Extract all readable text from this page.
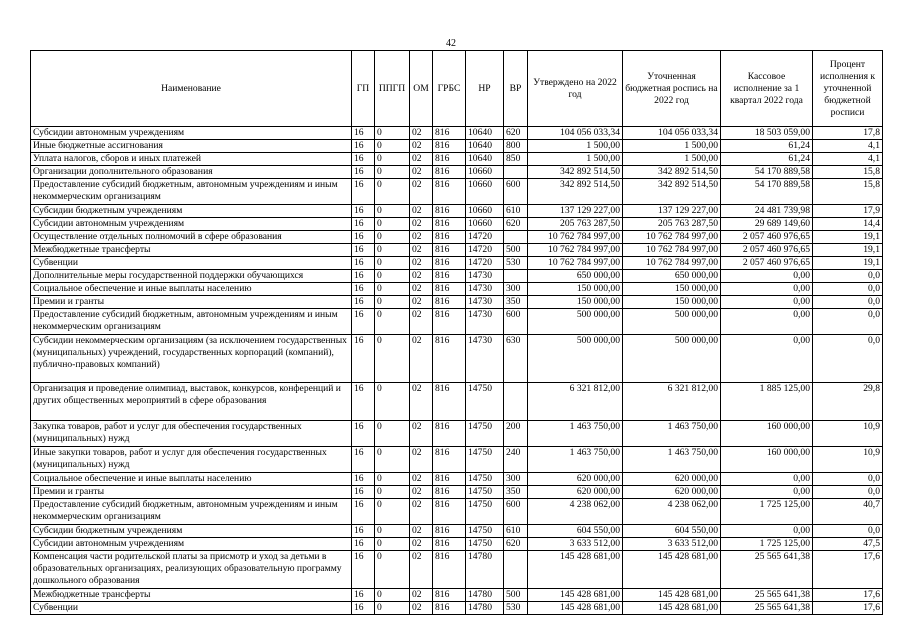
42
Наименование	ГП	ППГП	ОМ	ГРБС	НР	ВР	Утверждено на 2022 год	Уточненная бюджетная роспись на 2022 год	Кассовое исполнение за 1 квартал 2022 года	Процент исполнения к уточненной бюджетной росписи
Субсидии автономным учреждениям	16	0	02	816	10640	620	104 056 033,34	104 056 033,34	18 503 059,00	17,8
Иные бюджетные ассигнования	16	0	02	816	10640	800	1 500,00	1 500,00	61,24	4,1
Уплата налогов, сборов и иных платежей	16	0	02	816	10640	850	1 500,00	1 500,00	61,24	4,1
Организации дополнительного образования	16	0	02	816	10660		342 892 514,50	342 892 514,50	54 170 889,58	15,8
Предоставление субсидий бюджетным, автономным учреждениям и иным некоммерческим организациям	16	0	02	816	10660	600	342 892 514,50	342 892 514,50	54 170 889,58	15,8
Субсидии бюджетным учреждениям	16	0	02	816	10660	610	137 129 227,00	137 129 227,00	24 481 739,98	17,9
Субсидии автономным учреждениям	16	0	02	816	10660	620	205 763 287,50	205 763 287,50	29 689 149,60	14,4
Осуществление отдельных полномочий в сфере образования	16	0	02	816	14720		10 762 784 997,00	10 762 784 997,00	2 057 460 976,65	19,1
Межбюджетные трансферты	16	0	02	816	14720	500	10 762 784 997,00	10 762 784 997,00	2 057 460 976,65	19,1
Субвенции	16	0	02	816	14720	530	10 762 784 997,00	10 762 784 997,00	2 057 460 976,65	19,1
Дополнительные меры государственной поддержки обучающихся	16	0	02	816	14730		650 000,00	650 000,00	0,00	0,0
Социальное обеспечение и иные выплаты населению	16	0	02	816	14730	300	150 000,00	150 000,00	0,00	0,0
Премии и гранты	16	0	02	816	14730	350	150 000,00	150 000,00	0,00	0,0
Предоставление субсидий бюджетным, автономным учреждениям и иным некоммерческим организациям	16	0	02	816	14730	600	500 000,00	500 000,00	0,00	0,0
Субсидии некоммерческим организациям (за исключением государственных (муниципальных) учреждений, государственных корпораций (компаний), публично-правовых компаний)	16	0	02	816	14730	630	500 000,00	500 000,00	0,00	0,0
Организация и проведение олимпиад, выставок, конкурсов, конференций и других общественных мероприятий в сфере образования	16	0	02	816	14750		6 321 812,00	6 321 812,00	1 885 125,00	29,8
Закупка товаров, работ и услуг для обеспечения государственных (муниципальных) нужд	16	0	02	816	14750	200	1 463 750,00	1 463 750,00	160 000,00	10,9
Иные закупки товаров, работ и услуг для обеспечения государственных (муниципальных) нужд	16	0	02	816	14750	240	1 463 750,00	1 463 750,00	160 000,00	10,9
Социальное обеспечение и иные выплаты населению	16	0	02	816	14750	300	620 000,00	620 000,00	0,00	0,0
Премии и гранты	16	0	02	816	14750	350	620 000,00	620 000,00	0,00	0,0
Предоставление субсидий бюджетным, автономным учреждениям и иным некоммерческим организациям	16	0	02	816	14750	600	4 238 062,00	4 238 062,00	1 725 125,00	40,7
Субсидии бюджетным учреждениям	16	0	02	816	14750	610	604 550,00	604 550,00	0,00	0,0
Субсидии автономным учреждениям	16	0	02	816	14750	620	3 633 512,00	3 633 512,00	1 725 125,00	47,5
Компенсация части родительской платы за присмотр и уход за детьми в образовательных организациях, реализующих образовательную программу дошкольного образования	16	0	02	816	14780		145 428 681,00	145 428 681,00	25 565 641,38	17,6
Межбюджетные трансферты	16	0	02	816	14780	500	145 428 681,00	145 428 681,00	25 565 641,38	17,6
Субвенции	16	0	02	816	14780	530	145 428 681,00	145 428 681,00	25 565 641,38	17,6
